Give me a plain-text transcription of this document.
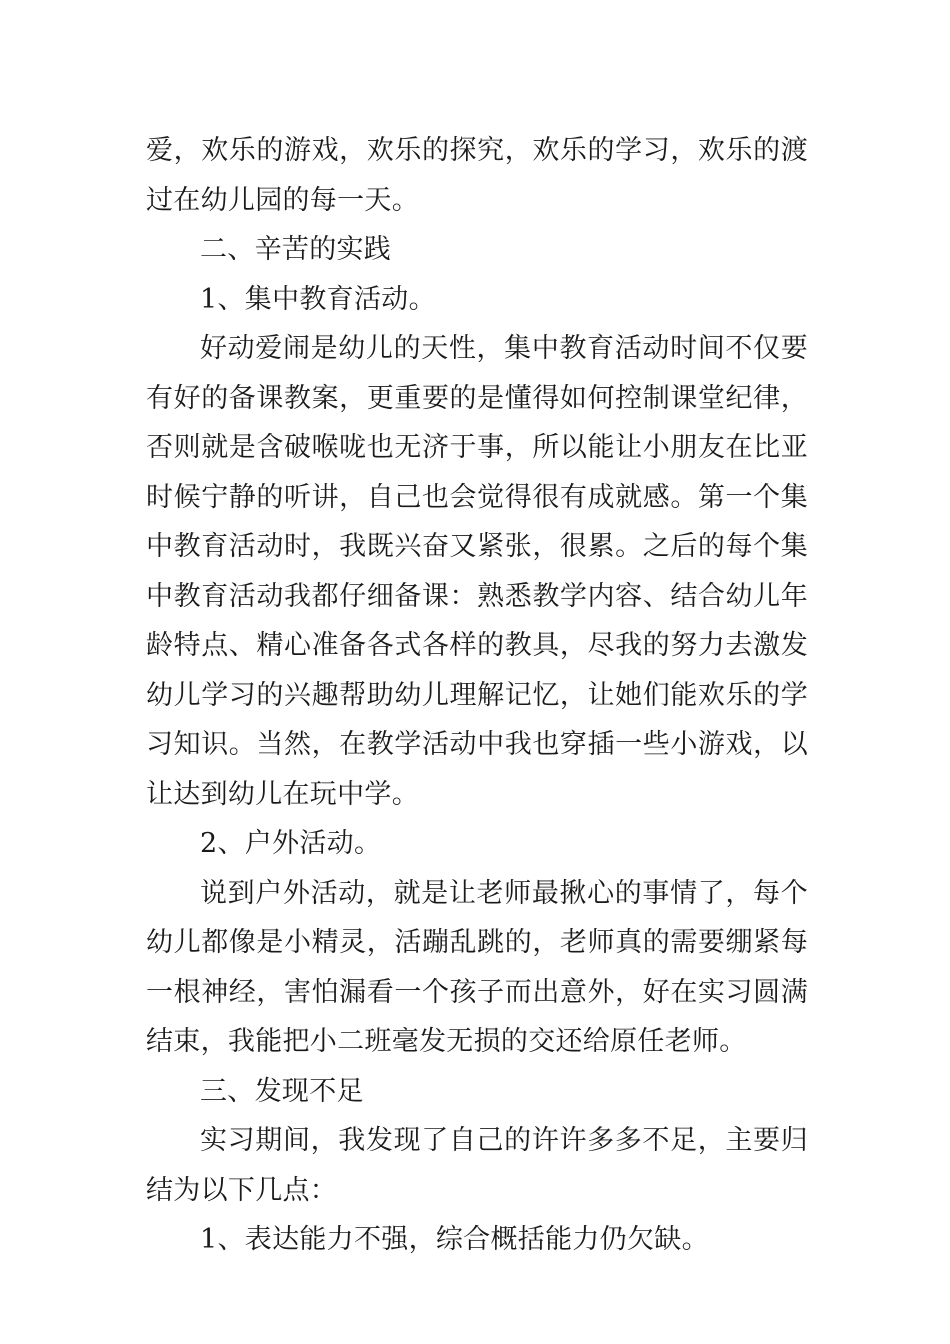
爱，欢乐的游戏，欢乐的探究，欢乐的学习，欢乐的渡过在幼儿园的每一天。

二、辛苦的实践

1、集中教育活动。

好动爱闹是幼儿的天性，集中教育活动时间不仅要有好的备课教案，更重要的是懂得如何控制课堂纪律，否则就是含破喉咙也无济于事，所以能让小朋友在比亚时候宁静的听讲，自己也会觉得很有成就感。第一个集中教育活动时，我既兴奋又紧张，很累。之后的每个集中教育活动我都仔细备课：熟悉教学内容、结合幼儿年龄特点、精心准备各式各样的教具，尽我的努力去激发幼儿学习的兴趣帮助幼儿理解记忆，让她们能欢乐的学习知识。当然，在教学活动中我也穿插一些小游戏，以让达到幼儿在玩中学。

2、户外活动。

说到户外活动，就是让老师最揪心的事情了，每个幼儿都像是小精灵，活蹦乱跳的，老师真的需要绷紧每一根神经，害怕漏看一个孩子而出意外，好在实习圆满结束，我能把小二班毫发无损的交还给原任老师。

三、发现不足

实习期间，我发现了自己的许许多多不足，主要归结为以下几点：

1、表达能力不强，综合概括能力仍欠缺。
